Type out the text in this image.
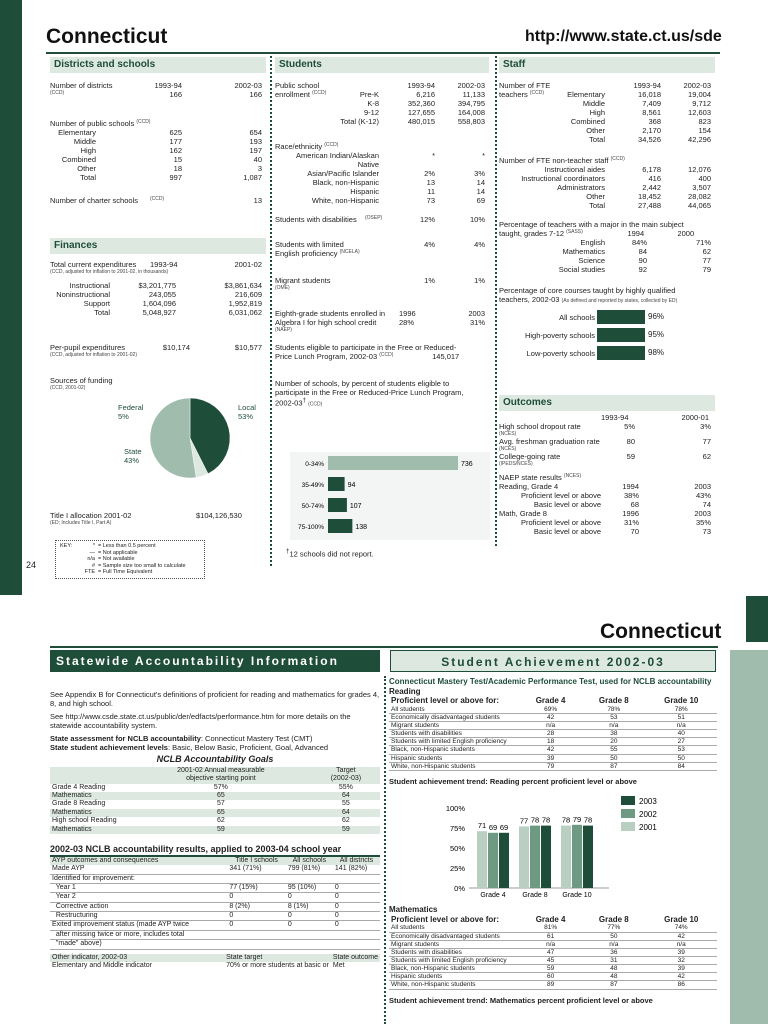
24
Connecticut	http://www.state.ct.us/sde
Districts and schools
Number of districts	1993-94	2002-03
(CCD)	166	166
Number of public schools
(CCD)
Elementary	625	654
Middle	177	193
High	162	197
Combined	15	40
Other	18	3
Total	997	1,087
Number of charter schools	(CCD)	13
Finances
Total current expenditures	1993-94	2001-02
(CCD, adjusted for inflation to 2001-02, in thousands)
Instructional	$3,201,775	$3,861,634
Noninstructional	243,055	216,609
Support	1,604,096	1,952,819
Total	5,048,927	6,031,062
Per-pupil expenditures	$10,174	$10,577
(CCD, adjusted for inflation to 2001-02)
Sources of funding
(CCD, 2001-02)
Federal
5%
Local
53%
State
43%
Title I allocation 2001-02	$104,126,530
(ED; Includes Title I, Part A)
KEY:	* = Less than 0.5 percent
— = Not applicable
n/a = Not available
# = Sample size too small to calculate
FTE = Full Time Equivalent
Students
Public school	1993-94	2002-03
enrollment
(CCD)	Pre-K	6,216	11,133
K-8	352,360	394,795
9-12	127,655	164,008
Total (K-12)	480,015	558,803
Race/ethnicity
(CCD)
American Indian/Alaskan Native
*	*
Asian/Pacific Islander	2%	3%
Black, non-Hispanic	13	14
Hispanic	11	14
White, non-Hispanic	73	69
Students with disabilities	(OSEP)	12%	10%
Students with limited	4%	4%
English proficiency
(NCELA)
Migrant students	1%	1%
(OME)
Eighth-grade students enrolled in	1996	2003
Algebra I for high school credit	28%	31%
(NAEP)
Students eligible to participate in the Free or Reduced-
Price Lunch Program, 2002-03
(CCD)	145,017
Number of schools, by percent of students eligible to
participate in the Free or Reduced-Price Lunch Program,
2002-03† (CCD)
0-34%	736
35-49%	94
50-74%	107
75-100%	138
†12 schools did not report.
Staff
Number of FTE	1993-94	2002-03
teachers
(CCD)	Elementary	16,018	19,004
Middle	7,409	9,712
High	8,561	12,603
Combined	368	823
Other	2,170	154
Total	34,526	42,296
Number of FTE non-teacher staff
(CCD)
Instructional aides	6,178	12,076
Instructional coordinators	416	400
Administrators	2,442	3,507
Other	18,452	28,082
Total	27,488	44,065
Percentage of teachers with a major in the main subject
taught, grades 7-12
(SASS)	1994	2000
English	84%	71%
Mathematics	84	62
Science	90	77
Social studies	92	79
Percentage of core courses taught by highly qualified
teachers, 2002-03 (As defined and reported by states, collected by ED)
All schools	96%
High-poverty schools	95%
Low-poverty schools	98%
Outcomes
1993-94	2000-01
High school dropout rate
(NCES)
5%	3%
Avg. freshman graduation rate
(NCES)
80	77
College-going rate
(IPEDS/NCES)
59	62
NAEP state results
(NCES)
Reading, Grade 4	1994	2003
Proficient level or above	38%	43%
Basic level or above	68	74
Math, Grade 8	1996	2003
Proficient level or above	31%	35%
Basic level or above	70	73
Connecticut
Statewide Accountability Information	Student Achievement 2002-03
See Appendix B for Connecticut's definitions of proficient for reading and mathematics for grades 4, 8, and high school.
See http://www.csde.state.ct.us/public/der/edfacts/performance.htm for more details on the statewide accountability system.
State assessment for NCLB accountability: Connecticut Mastery Test (CMT)
State student achievement levels: Basic, Below Basic, Proficient, Goal, Advanced
NCLB Accountability Goals
	2001-02 Annual measurable
objective starting point	Target
(2002-03)
Grade 4 Reading	57%	55%
Mathematics	65	64
Grade 8 Reading	57	55
Mathematics	65	64
High school Reading	62	62
Mathematics	59	59
2002-03 NCLB accountability results, applied to 2003-04 school year
AYP outcomes and consequences	Title I schools	All schools	All districts
Made AYP	341 (71%)	799 (81%)	141 (82%)
Identified for improvement:			
Year 1	77 (15%)	95 (10%)	0
Year 2	0	0	0
Corrective action	8 (2%)	8 (1%)	0
Restructuring	0	0	0
Exited improvement status (made AYP twice	0	0	0
after missing twice or more, includes total			
"made" above)			
Other indicator, 2002-03	State target	State outcome
Elementary and Middle indicator	70% or more students at basic or	Met
Connecticut Mastery Test/Academic Performance Test, used for NCLB accountability
Reading
Proficient level or above for:	Grade 4	Grade 8	Grade 10
All students	69%	78%	78%
Economically disadvantaged students	42	53	51
Migrant students	n/a	n/a	n/a
Students with disabilities	28	38	40
Students with limited English proficiency	18	20	27
Black, non-Hispanic students	42	55	53
Hispanic students	39	50	50
White, non-Hispanic students	79	87	84
Student achievement trend: Reading percent proficient level or above
0%
25%
50%
75%
100%
71 69 69
Grade 4
77 78 78
Grade 8
78 79 78
Grade 10
2003
2002
2001
Mathematics
Proficient level or above for:	Grade 4	Grade 8	Grade 10
All students	81%	77%	74%
Economically disadvantaged students	61	50	42
Migrant students	n/a	n/a	n/a
Students with disabilities	47	36	39
Students with limited English proficiency	45	31	32
Black, non-Hispanic students	59	48	39
Hispanic students	60	48	42
White, non-Hispanic students	89	87	86
Student achievement trend: Mathematics percent proficient level or above
